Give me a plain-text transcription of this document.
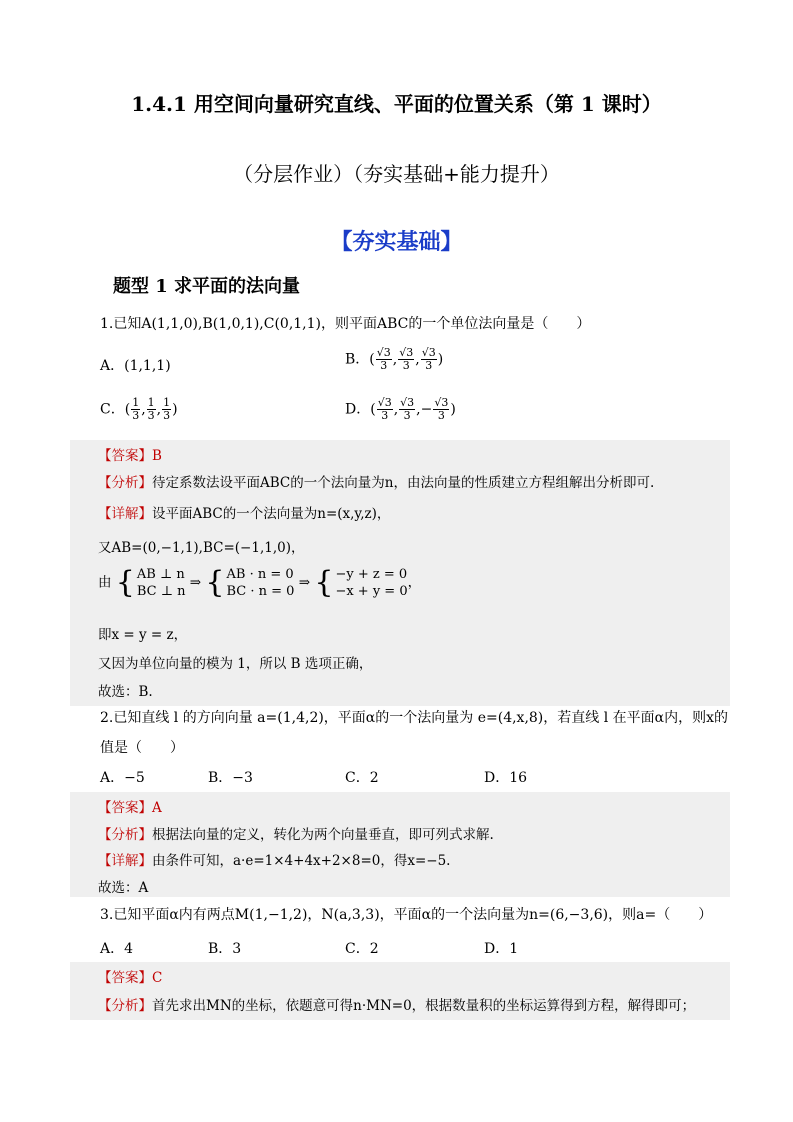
1.4.1 用空间向量研究直线、平面的位置关系（第 1 课时）
（分层作业）（夯实基础+能力提升）
【夯实基础】
题型 1 求平面的法向量
1.已知A(1,1,0),B(1,0,1),C(0,1,1)，则平面ABC的一个单位法向量是（　　）
A．(1,1,1)	B．( $\frac{√3}{3}$ , $\frac{√3}{3}$ , $\frac{√3}{3}$ )
C．( $\frac{1}{3}$ , $\frac{1}{3}$ , $\frac{1}{3}$ )	D．( $\frac{√3}{3}$ , $\frac{√3}{3}$ ,− $\frac{√3}{3}$ )
【答案】B
【分析】待定系数法设平面ABC的一个法向量为n，由法向量的性质建立方程组解出分析即可.
【详解】设平面ABC的一个法向量为n=(x,y,z)，
又AB=(0,−1,1),BC=(−1,1,0)，
由 { AB ⊥ n
BC ⊥ n ⇒ { AB · n = 0
BC · n = 0 ⇒ { −y + z = 0
−x + y = 0，
即x = y = z，
又因为单位向量的模为 1，所以 B 选项正确，
故选：B.
2.已知直线 l 的方向向量 a=(1,4,2)，平面α的一个法向量为 e=(4,x,8)，若直线 l 在平面α内，则x的
值是（　　）
A．−5	B．−3	C．2	D．16
【答案】A
【分析】根据法向量的定义，转化为两个向量垂直，即可列式求解.
【详解】由条件可知，a·e=1×4+4x+2×8=0，得x=−5.
故选：A
3.已知平面α内有两点M(1,−1,2)，N(a,3,3)，平面α的一个法向量为n=(6,−3,6)，则a=（　　）
A．4	B．3	C．2	D．1
【答案】C
【分析】首先求出MN的坐标，依题意可得n·MN=0，根据数量积的坐标运算得到方程，解得即可；
